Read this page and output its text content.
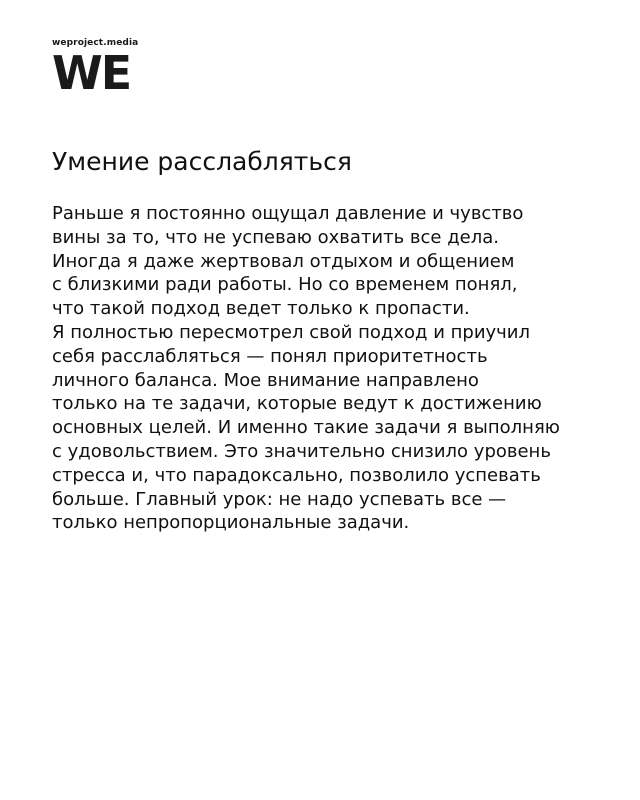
weproject.media
WE
Умение расслабляться
Раньше я постоянно ощущал давление и чувство
вины за то, что не успеваю охватить все дела.
Иногда я даже жертвовал отдыхом и общением
с близкими ради работы. Но со временем понял,
что такой подход ведет только к пропасти.
Я полностью пересмотрел свой подход и приучил
себя расслабляться — понял приоритетность
личного баланса. Мое внимание направлено
только на те задачи, которые ведут к достижению
основных целей. И именно такие задачи я выполняю
с удовольствием. Это значительно снизило уровень
стресса и, что парадоксально, позволило успевать
больше. Главный урок: не надо успевать все —
только непропорциональные задачи.
